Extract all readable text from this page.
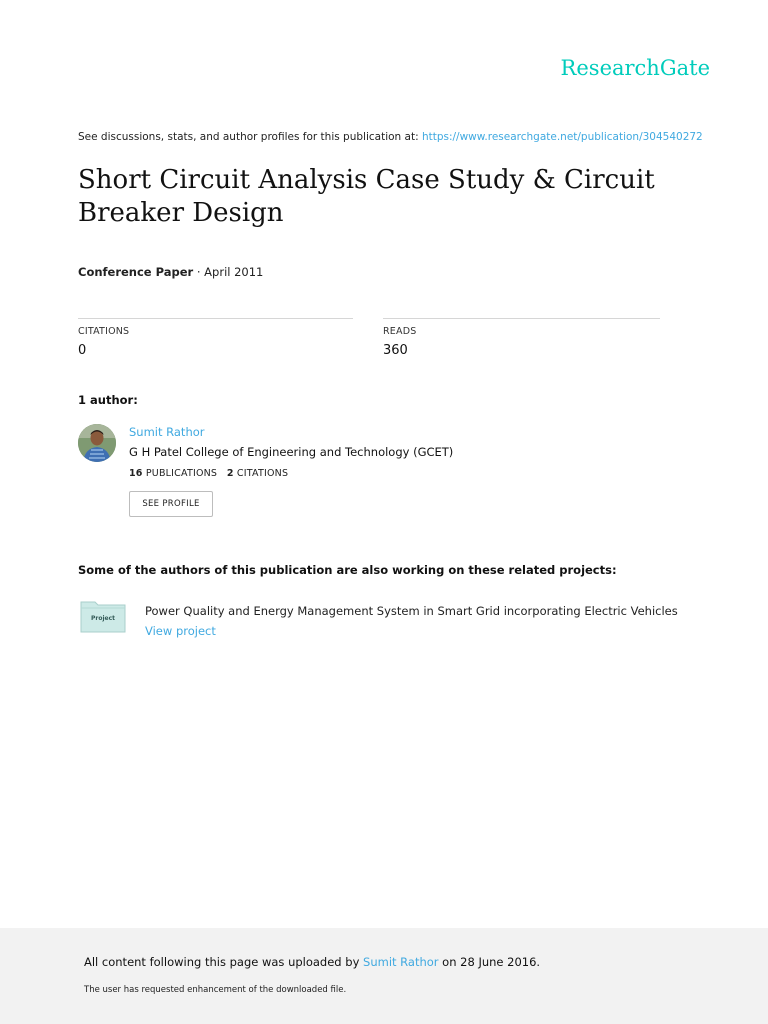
ResearchGate
See discussions, stats, and author profiles for this publication at: https://www.researchgate.net/publication/304540272
Short Circuit Analysis Case Study & Circuit Breaker Design
Conference Paper · April 2011
CITATIONS
0
READS
360
1 author:
Sumit Rathor
G H Patel College of Engineering and Technology (GCET)
16 PUBLICATIONS 2 CITATIONS
SEE PROFILE
Some of the authors of this publication are also working on these related projects:
Project
Power Quality and Energy Management System in Smart Grid incorporating Electric Vehicles View project
All content following this page was uploaded by Sumit Rathor on 28 June 2016.
The user has requested enhancement of the downloaded file.
